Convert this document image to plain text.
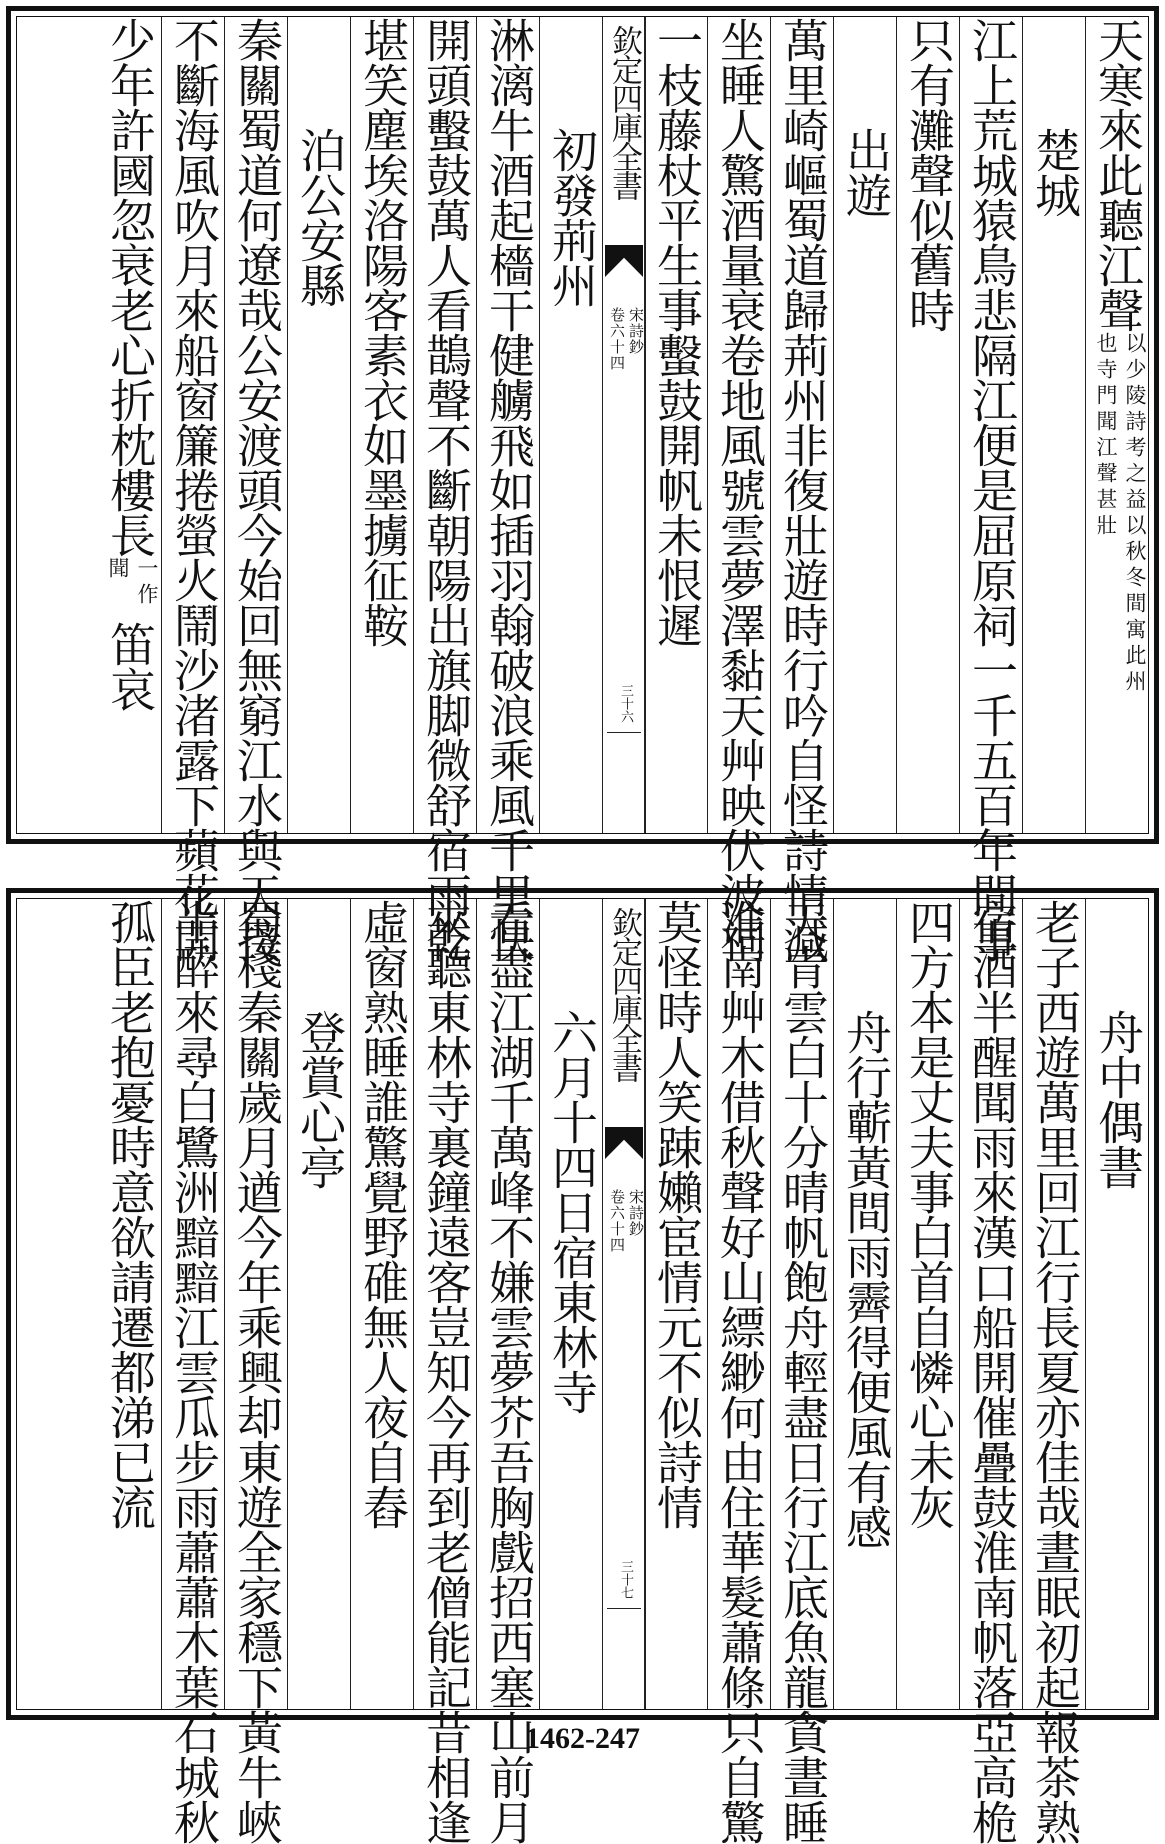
天寒來此聽江聲以少陵詩考之益以秋冬間寓此州也寺門聞江聲甚壯
楚城
江上荒城猿鳥悲隔江便是屈原祠一千五百年間事
只有灘聲似舊時
出遊
萬里崎嶇蜀道歸荊州非復壯遊時行吟自怪詩情減
坐睡人驚酒量衰卷地風號雲夢澤黏天艸映伏波祠
一枝藤杖平生事蟿鼓開帆未恨遲
欽定四庫全書
宋詩鈔
卷六十四
三十六
初發荊州
淋漓牛酒起檣干健艣飛如插羽翰破浪乘風千里快
開頭蟿鼓萬人看鵲聲不斷朝陽出旗脚微舒宿雨乾
堪笑塵埃洛陽客素衣如墨擄征鞍
泊公安縣
秦關蜀道何遼哉公安渡頭今始回無窮江水與天接
不斷海風吹月來船窗簾捲螢火鬧沙渚露下蘋花開
少年許國忽衰老心折枕樓長一作聞笛哀
舟中偶書
老子西遊萬里回江行長夏亦佳哉晝眠初起報茶熟
宿酒半醒聞雨來漢口船開催疊鼓淮南帆落亞高桅
四方本是丈夫事白首自憐心未灰
舟行蘄黃間雨霽得便風有感
天青雲白十分晴帆飽舟輕盡日行江底魚龍貪晝睡
淮南艸木借秋聲好山縹緲何由住華髮蕭條只自驚
莫怪時人笑踈嬾宦情元不似詩情
欽定四庫全書
宋詩鈔
卷六十四
三十七
六月十四日宿東林寺
看盡江湖千萬峰不嫌雲夢芥吾胸戲招西塞山前月
來聽東林寺裏鐘遠客豈知今再到老僧能記昔相逢
虛窗熟睡誰驚覺野碓無人夜自舂
登賞心亭
蜀棧秦關歲月遒今年乘興却東遊全家穩下黃牛峽
半醉來尋白鷺洲黯黯江雲瓜步雨蕭蕭木葉石城秋
孤臣老抱憂時意欲請遷都涕已流
1462-247
